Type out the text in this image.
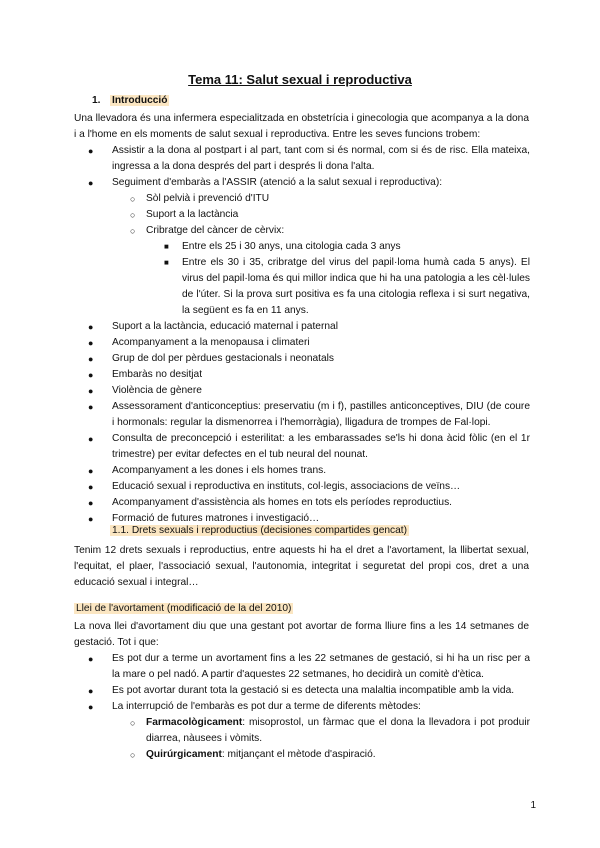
Tema 11: Salut sexual i reproductiva
1. Introducció
Una llevadora és una infermera especialitzada en obstetrícia i ginecologia que acompanya a la dona i a l'home en els moments de salut sexual i reproductiva. Entre les seves funcions trobem:
● Assistir a la dona al postpart i al part, tant com si és normal, com si és de risc. Ella mateixa, ingressa a la dona després del part i després li dona l'alta.
● Seguiment d'embaràs a l'ASSIR (atenció a la salut sexual i reproductiva):
○ Sòl pelvià i prevenció d'ITU
○ Suport a la lactància
○ Cribratge del càncer de cèrvix:
■ Entre els 25 i 30 anys, una citologia cada 3 anys
■ Entre els 30 i 35, cribratge del virus del papil·loma humà cada 5 anys). El virus del papil·loma és qui millor indica que hi ha una patologia a les cèl·lules de l'úter. Si la prova surt positiva es fa una citologia reflexa i si surt negativa, la següent es fa en 11 anys.
● Suport a la lactància, educació maternal i paternal
● Acompanyament a la menopausa i climateri
● Grup de dol per pèrdues gestacionals i neonatals
● Embaràs no desitjat
● Violència de gènere
● Assessorament d'anticonceptius: preservatiu (m i f), pastilles anticonceptives, DIU (de coure i hormonals: regular la dismenorrea i l'hemorràgia), lligadura de trompes de Fal·lopi.
● Consulta de preconcepció i esterilitat: a les embarassades se'ls hi dona àcid fòlic (en el 1r trimestre) per evitar defectes en el tub neural del nounat.
● Acompanyament a les dones i els homes trans.
● Educació sexual i reproductiva en instituts, col·legis, associacions de veïns…
● Acompanyament d'assistència als homes en tots els períodes reproductius.
● Formació de futures matrones i investigació…
1.1. Drets sexuals i reproductius (decisiones compartides gencat)
Tenim 12 drets sexuals i reproductius, entre aquests hi ha el dret a l'avortament, la llibertat sexual, l'equitat, el plaer, l'associació sexual, l'autonomia, integritat i seguretat del propi cos, dret a una educació sexual i integral…
Llei de l'avortament (modificació de la del 2010)
La nova llei d'avortament diu que una gestant pot avortar de forma lliure fins a les 14 setmanes de gestació. Tot i que:
● Es pot dur a terme un avortament fins a les 22 setmanes de gestació, si hi ha un risc per a la mare o pel nadó. A partir d'aquestes 22 setmanes, ho decidirà un comitè d'ètica.
● Es pot avortar durant tota la gestació si es detecta una malaltia incompatible amb la vida.
● La interrupció de l'embaràs es pot dur a terme de diferents mètodes:
○ Farmacològicament: misoprostol, un fàrmac que el dona la llevadora i pot produir diarrea, nàusees i vòmits.
○ Quirúrgicament: mitjançant el mètode d'aspiració.
1
